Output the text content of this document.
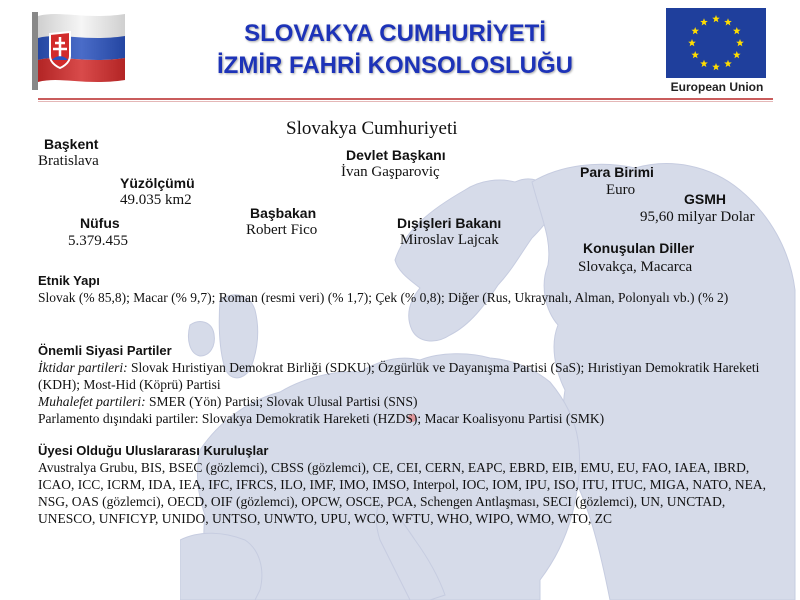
SLOVAKYA CUMHURİYETİ
İZMİR FAHRİ KONSOLOSLUĞU
European Union
Slovakya Cumhuriyeti
Başkent
Bratislava
Yüzölçümü
49.035 km2
Nüfus
5.379.455
Başbakan
Robert Fico
Devlet Başkanı
İvan Gaşparoviç
Dışişleri Bakanı
Miroslav Lajcak
Para Birimi
Euro
GSMH
95,60 milyar Dolar
Konuşulan Diller
Slovakça, Macarca
Etnik Yapı
Slovak (% 85,8); Macar (% 9,7); Roman (resmi veri) (% 1,7); Çek (% 0,8); Diğer (Rus, Ukraynalı, Alman, Polonyalı vb.) (% 2)
Önemli Siyasi Partiler
İktidar partileri: Slovak Hıristiyan Demokrat Birliği (SDKU); Özgürlük ve Dayanışma Partisi (SaS); Hıristiyan Demokratik Hareketi (KDH); Most-Hid (Köprü) Partisi
Muhalefet partileri: SMER (Yön) Partisi; Slovak Ulusal Partisi (SNS)
Parlamento dışındaki partiler: Slovakya Demokratik Hareketi (HZDS); Macar Koalisyonu Partisi (SMK)
Üyesi Olduğu Uluslararası Kuruluşlar
Avustralya Grubu, BIS, BSEC (gözlemci), CBSS (gözlemci), CE, CEI, CERN, EAPC, EBRD, EIB, EMU, EU, FAO, IAEA, IBRD, ICAO, ICC, ICRM, IDA, IEA, IFC, IFRCS, ILO, IMF, IMO, IMSO, Interpol, IOC, IOM, IPU, ISO, ITU, ITUC, MIGA, NATO, NEA, NSG, OAS (gözlemci), OECD, OIF (gözlemci), OPCW, OSCE, PCA, Schengen Antlaşması, SECI (gözlemci), UN, UNCTAD, UNESCO, UNFICYP, UNIDO, UNTSO, UNWTO, UPU, WCO, WFTU, WHO, WIPO, WMO, WTO, ZC
